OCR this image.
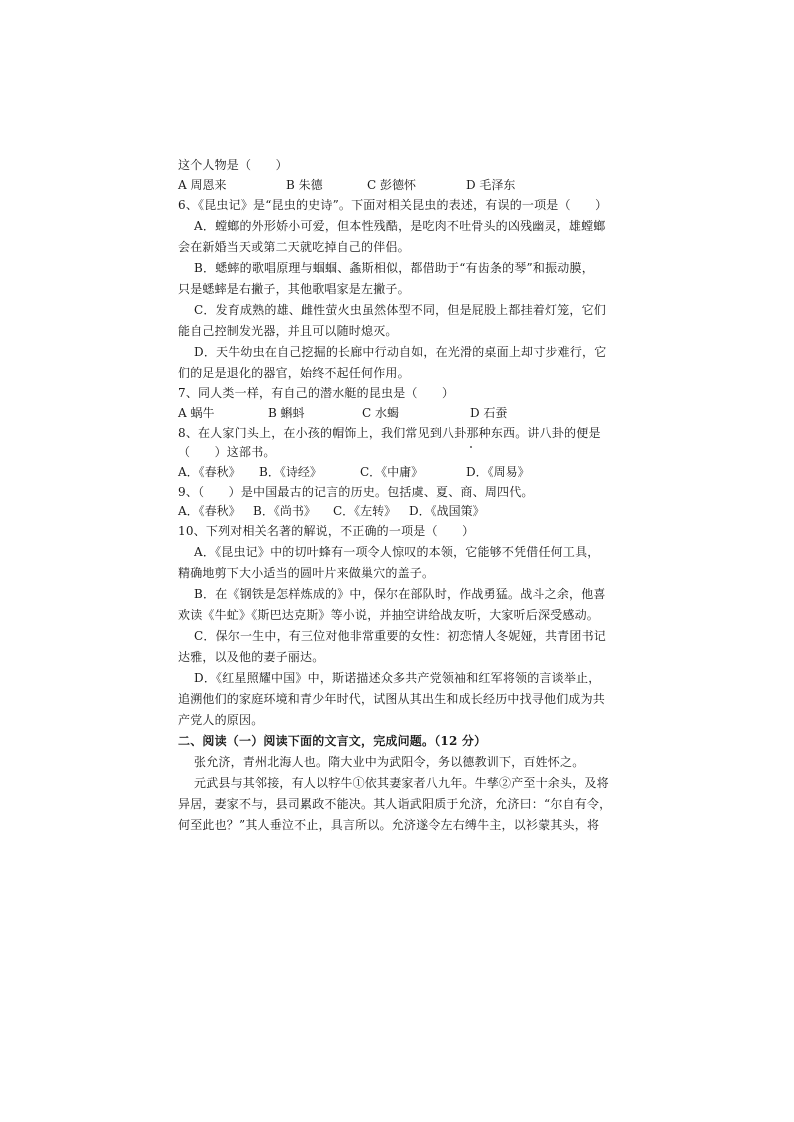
这个人物是（　　）
A 周恩来	B 朱德	C 彭德怀	D 毛泽东
6、《昆虫记》是“昆虫的史诗”。下面对相关昆虫的表述，有误的一项是（　　）
A．螳螂的外形娇小可爱，但本性残酷，是吃肉不吐骨头的凶残幽灵，雄螳螂
会在新婚当天或第二天就吃掉自己的伴侣。
B．蟋蟀的歌唱原理与蝈蝈、螽斯相似，都借助于“有齿条的琴”和振动膜，
只是蟋蟀是右撇子，其他歌唱家是左撇子。
C．发育成熟的雄、雌性萤火虫虽然体型不同，但是屁股上都挂着灯笼，它们
能自己控制发光器，并且可以随时熄灭。
D．天牛幼虫在自己挖掘的长廊中行动自如，在光滑的桌面上却寸步难行，它
们的足是退化的器官，始终不起任何作用。
7、同人类一样，有自己的潜水艇的昆虫是（　　）
A 蜗牛	B 蝌蚪	C 水蝎	D 石蚕
8、在人家门头上，在小孩的帽饰上，我们常见到八卦那种东西。讲八卦的便是
（　　）这部书。
A．《春秋》 B．《诗经》	C．《中庸》	D．《周易》
9、（　　）是中国最古的记言的历史。包括虞、夏、商、周四代。
A．《春秋》 B．《尚书》 C．《左转》 D．《战国策》
10、下列对相关名著的解说，不正确的一项是（　　）
A．《昆虫记》中的切叶蜂有一项令人惊叹的本领，它能够不凭借任何工具，
精确地剪下大小适当的圆叶片来做巢穴的盖子。
B．在《钢铁是怎样炼成的》中，保尔在部队时，作战勇猛。战斗之余，他喜
欢读《牛虻》《斯巴达克斯》等小说，并抽空讲给战友听，大家听后深受感动。
C．保尔一生中，有三位对他非常重要的女性：初恋情人冬妮娅，共青团书记
达雅，以及他的妻子丽达。
D．《红星照耀中国》中，斯诺描述众多共产党领袖和红军将领的言谈举止，
追溯他们的家庭环境和青少年时代，试图从其出生和成长经历中找寻他们成为共
产党人的原因。
二、阅读（一）阅读下面的文言文，完成问题。（12 分）
张允济，青州北海人也。隋大业中为武阳令，务以德教训下，百姓怀之。
元武县与其邻接，有人以牸牛①依其妻家者八九年。牛孳②产至十余头，及将
异居，妻家不与，县司累政不能决。其人诣武阳质于允济，允济曰：“尔自有令，
何至此也？”其人垂泣不止，具言所以。允济遂令左右缚牛主，以衫蒙其头，将
